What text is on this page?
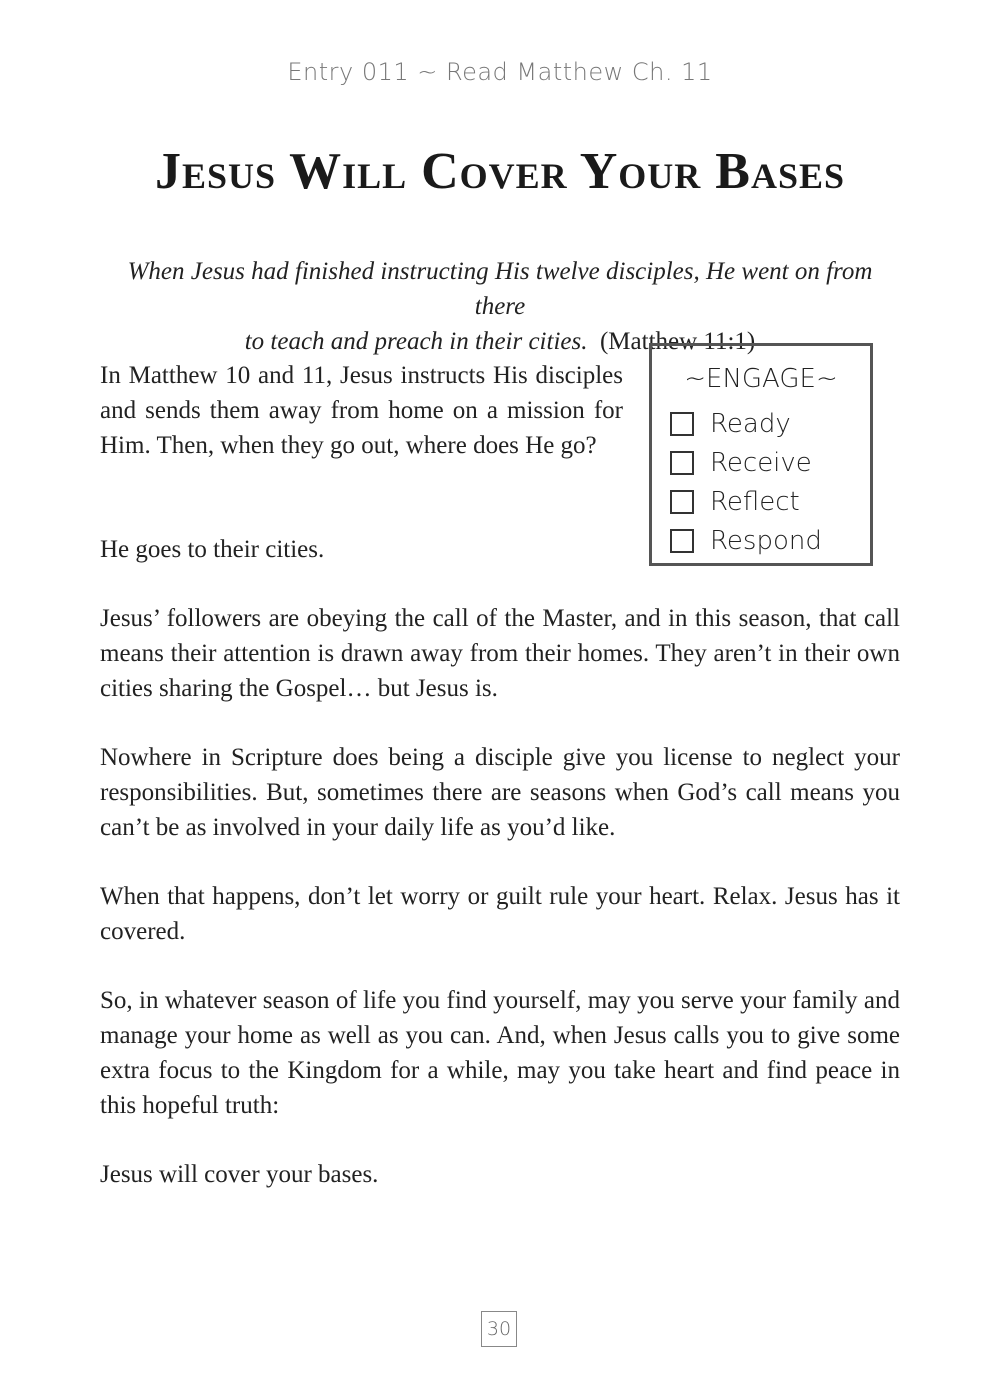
Entry 011 ~ Read Matthew Ch. 11
Jesus Will Cover Your Bases
When Jesus had finished instructing His twelve disciples, He went on from there
to teach and preach in their cities. (Matthew 11:1)

In Matthew 10 and 11, Jesus instructs His disciples and sends them away from home on a mission for Him. Then, when they go out, where does He go?

He goes to their cities.

~ENGAGE~
Ready
Receive
Reflect
Respond

Jesus’ followers are obeying the call of the Master, and in this season, that call means their attention is drawn away from their homes. They aren’t in their own cities sharing the Gospel… but Jesus is.

Nowhere in Scripture does being a disciple give you license to neglect your responsibilities. But, sometimes there are seasons when God’s call means you can’t be as involved in your daily life as you’d like.

When that happens, don’t let worry or guilt rule your heart. Relax. Jesus has it covered.

So, in whatever season of life you find yourself, may you serve your family and manage your home as well as you can. And, when Jesus calls you to give some extra focus to the Kingdom for a while, may you take heart and find peace in this hopeful truth:

Jesus will cover your bases.

30
